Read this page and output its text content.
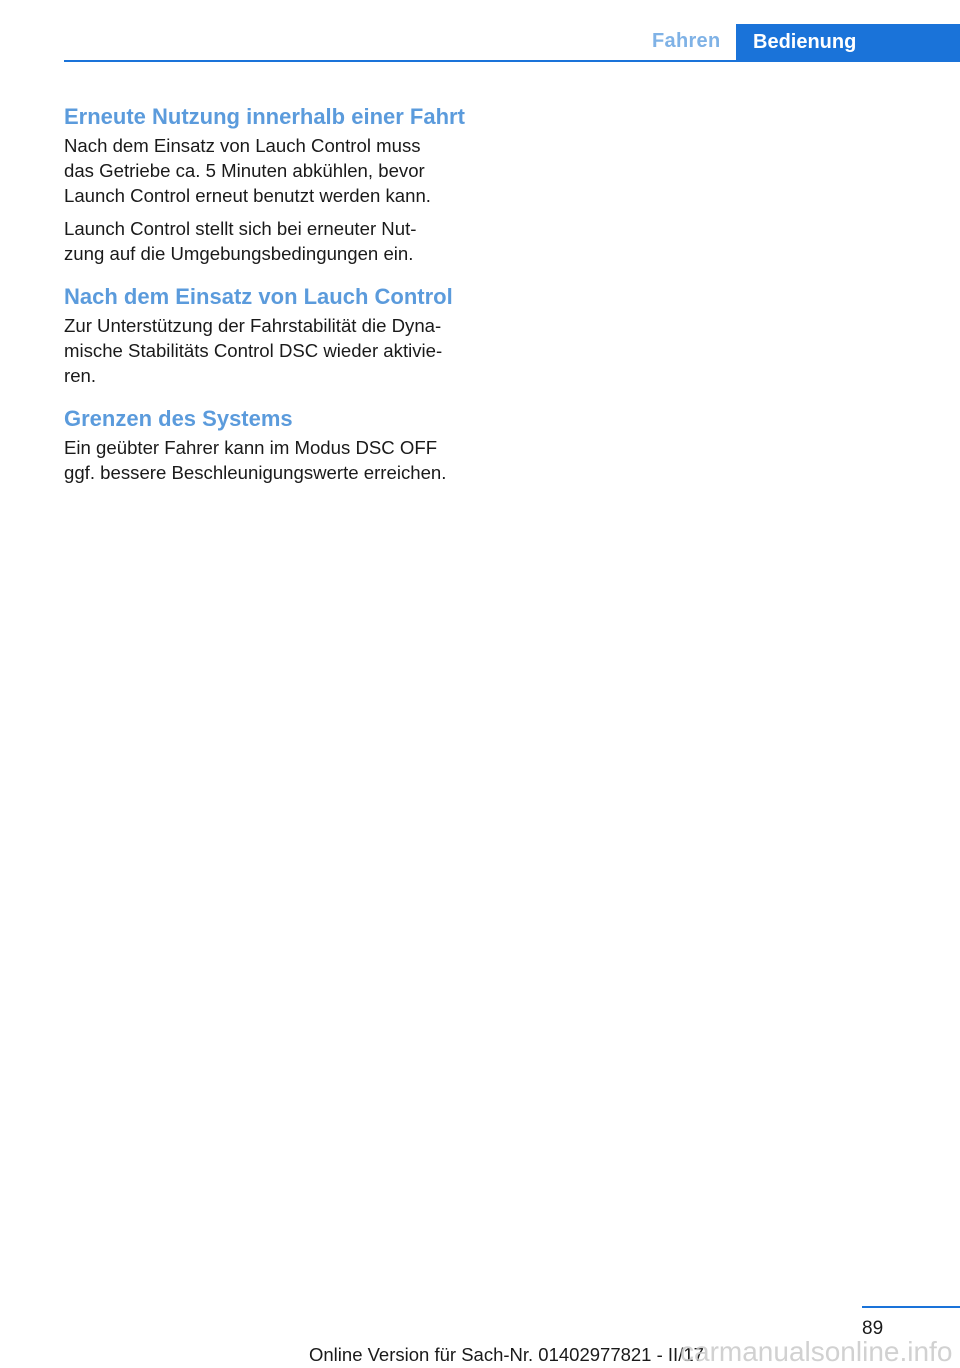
Fahren	Bedienung
Erneute Nutzung innerhalb einer Fahrt

Nach dem Einsatz von Lauch Control muss

das Getriebe ca. 5 Minuten abkühlen, bevor

Launch Control erneut benutzt werden kann.

Launch Control stellt sich bei erneuter Nut‐

zung auf die Umgebungsbedingungen ein.

Nach dem Einsatz von Lauch Control

Zur Unterstützung der Fahrstabilität die Dyna‐

mische Stabilitäts Control DSC wieder aktivie‐

ren.

Grenzen des Systems

Ein geübter Fahrer kann im Modus DSC OFF

ggf. bessere Beschleunigungswerte erreichen.

89
Online Version für Sach-Nr. 01402977821 - II/17
carmanualsonline.info
